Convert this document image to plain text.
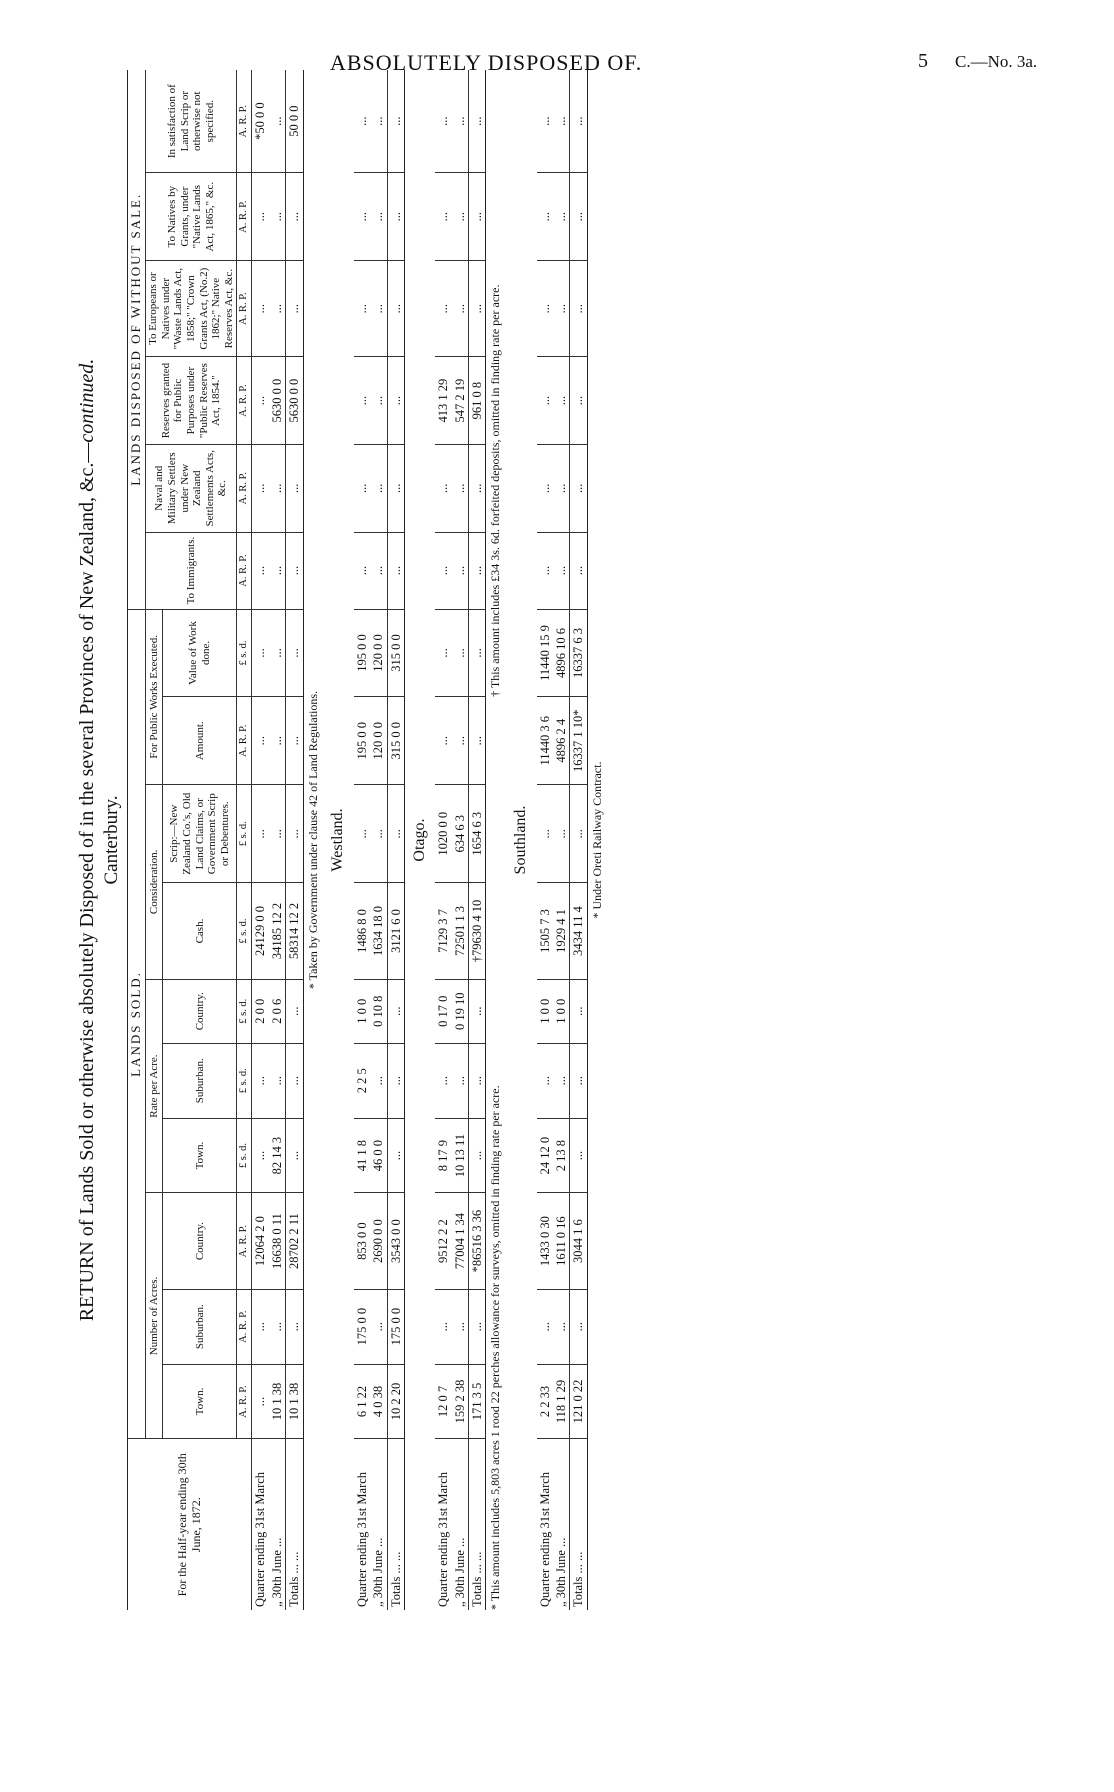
ABSOLUTELY DISPOSED OF.	5 C.—No. 3a.
RETURN of Lands Sold or otherwise absolutely Disposed of in the several Provinces of New Zealand, &c.—continued.
Canterbury.
For the Half-year ending 30th June, 1872.	LANDS SOLD.										LANDS DISPOSED OF WITHOUT SALE.					
	Number of Acres.			Rate per Acre.			Consideration.		For Public Works Executed.		To Immigrants.	Naval and Military Settlers under New Zealand Settlements Acts, &c.	Reserves granted for Public Purposes under "Public Reserves Act, 1854."	To Europeans or Natives under "Waste Lands Act, 1858;" "Crown Grants Act, (No.2) 1862;" Native Reserves Act, &c.	To Natives by Grants, under "Native Lands Act, 1865," &c.	In satisfaction of Land Scrip or otherwise not specified.
	Town.	Suburban.	Country.	Town.	Suburban.	Country.	Cash.	Scrip:—New Zealand Co.'s, Old Land Claims, or Government Scrip or Debentures.	Amount.	Value of Work done.						
	A. R. P.	A. R. P.	A. R. P.	£ s. d.	£ s. d.	£ s. d.	£ s. d.	£ s. d.	A. R. P.	£ s. d.	A. R. P.	A. R. P.	A. R. P.	A. R. P.	A. R. P.	A. R. P.
Quarter ending 31st March	...	...	12064 2 0	...	...	2 0 0	24129 0 0	...	...	...	...	...	...	...	...	*50 0 0
„ 30th June ...	10 1 38	...	16638 0 11	82 14 3	...	2 0 6	34185 12 2	...	...	...	...	...	5630 0 0	...	...	...
Totals ... ...	10 1 38	...	28702 2 11	...	...	...	58314 12 2	...	...	...	...	...	5630 0 0	...	...	50 0 0
* Taken by Government under clause 42 of Land Regulations.																
Westland.																
Quarter ending 31st March	6 1 22	175 0 0	853 0 0	41 1 8	2 2 5	1 0 0	1486 8 0	...	195 0 0	195 0 0	...	...	...	...	...	...
„ 30th June ...	4 0 38	...	2690 0 0	46 0 0	...	0 10 8	1634 18 0	...	120 0 0	120 0 0	...	...	...	...	...	...
Totals ... ...	10 2 20	175 0 0	3543 0 0	...	...	...	3121 6 0	...	315 0 0	315 0 0	...	...	...	...	...	...
Otago.																
Quarter ending 31st March	12 0 7	...	9512 2 2	8 17 9	...	0 17 0	7129 3 7	1020 0 0	...	...	...	...	413 1 29	...	...	...
„ 30th June ...	159 2 38	...	77004 1 34	10 13 11	...	0 19 10	72501 1 3	634 6 3	...	...	...	...	547 2 19	...	...	...
Totals ... ...	171 3 5	...	*86516 3 36	...	...	...	†79630 4 10	1654 6 3	...	...	...	...	961 0 8	...	...	...
* This amount includes 5,803 acres 1 rood 22 perches allowance for surveys, omitted in finding rate per acre.										† This amount includes £34 3s. 6d. forfeited deposits, omitted in finding rate per acre.						
Southland.																
Quarter ending 31st March	2 2 33	...	1433 0 30	24 12 0	...	1 0 0	1505 7 3	...	11440 3 6	11440 15 9	...	...	...	...	...	...
„ 30th June ...	118 1 29	...	1611 0 16	2 13 8	...	1 0 0	1929 4 1	...	4896 2 4	4896 10 6	...	...	...	...	...	...
Totals ... ...	121 0 22	...	3044 1 6	...	...	...	3434 11 4	...	16337 1 10*	16337 6 3	...	...	...	...	...	...
* Under Oreti Railway Contract.																
